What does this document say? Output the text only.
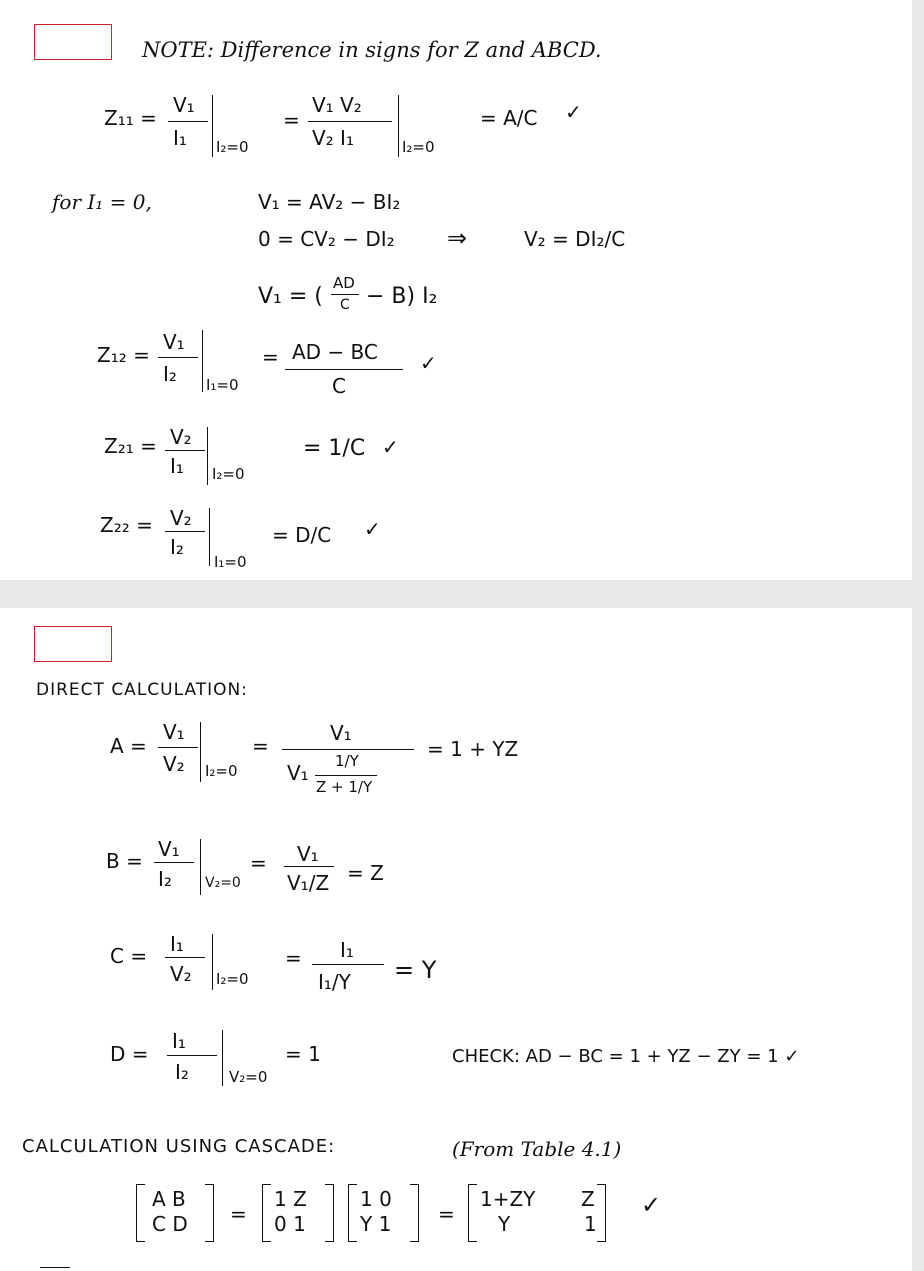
NOTE: Difference in signs for Z and ABCD.
Z₁₁ =
V₁
I₁ I₂=0
=
V₁ V₂
V₂ I₁	I₂=0
= A/C ✓
for I₁ = 0,	V₁ = AV₂ − BI₂
0 = CV₂ − DI₂ ⇒	V₂ = DI₂/C
V₁ = (
AD
C − B) I₂
Z₁₂ =
V₁
I₂ I₁=0
= AD − BC
C
✓
Z₂₁ = V₂
I₁ I₂=0
= 1/C ✓
Z₂₂ = V₂
I₂
I₁=0
= D/C ✓
DIRECT CALCULATION:
A =
V₁
V₂ I₂=0
=
V₁
V₁ 1/Y
Z + 1/Y
= 1 + YZ
B = V₁
I₂ V₂=0
= V₁
V₁/Z = Z
C = I₁
V₂ I₂=0
= I₁
I₁/Y = Y
D =
I₁
I₂	V₂=0
= 1	CHECK: AD − BC = 1 + YZ − ZY = 1 ✓
CALCULATION USING CASCADE:	(From Table 4.1)
A B
C D =
1 Z
0 1
1 0
Y 1 =
1+ZY Z
Y	1
✓
